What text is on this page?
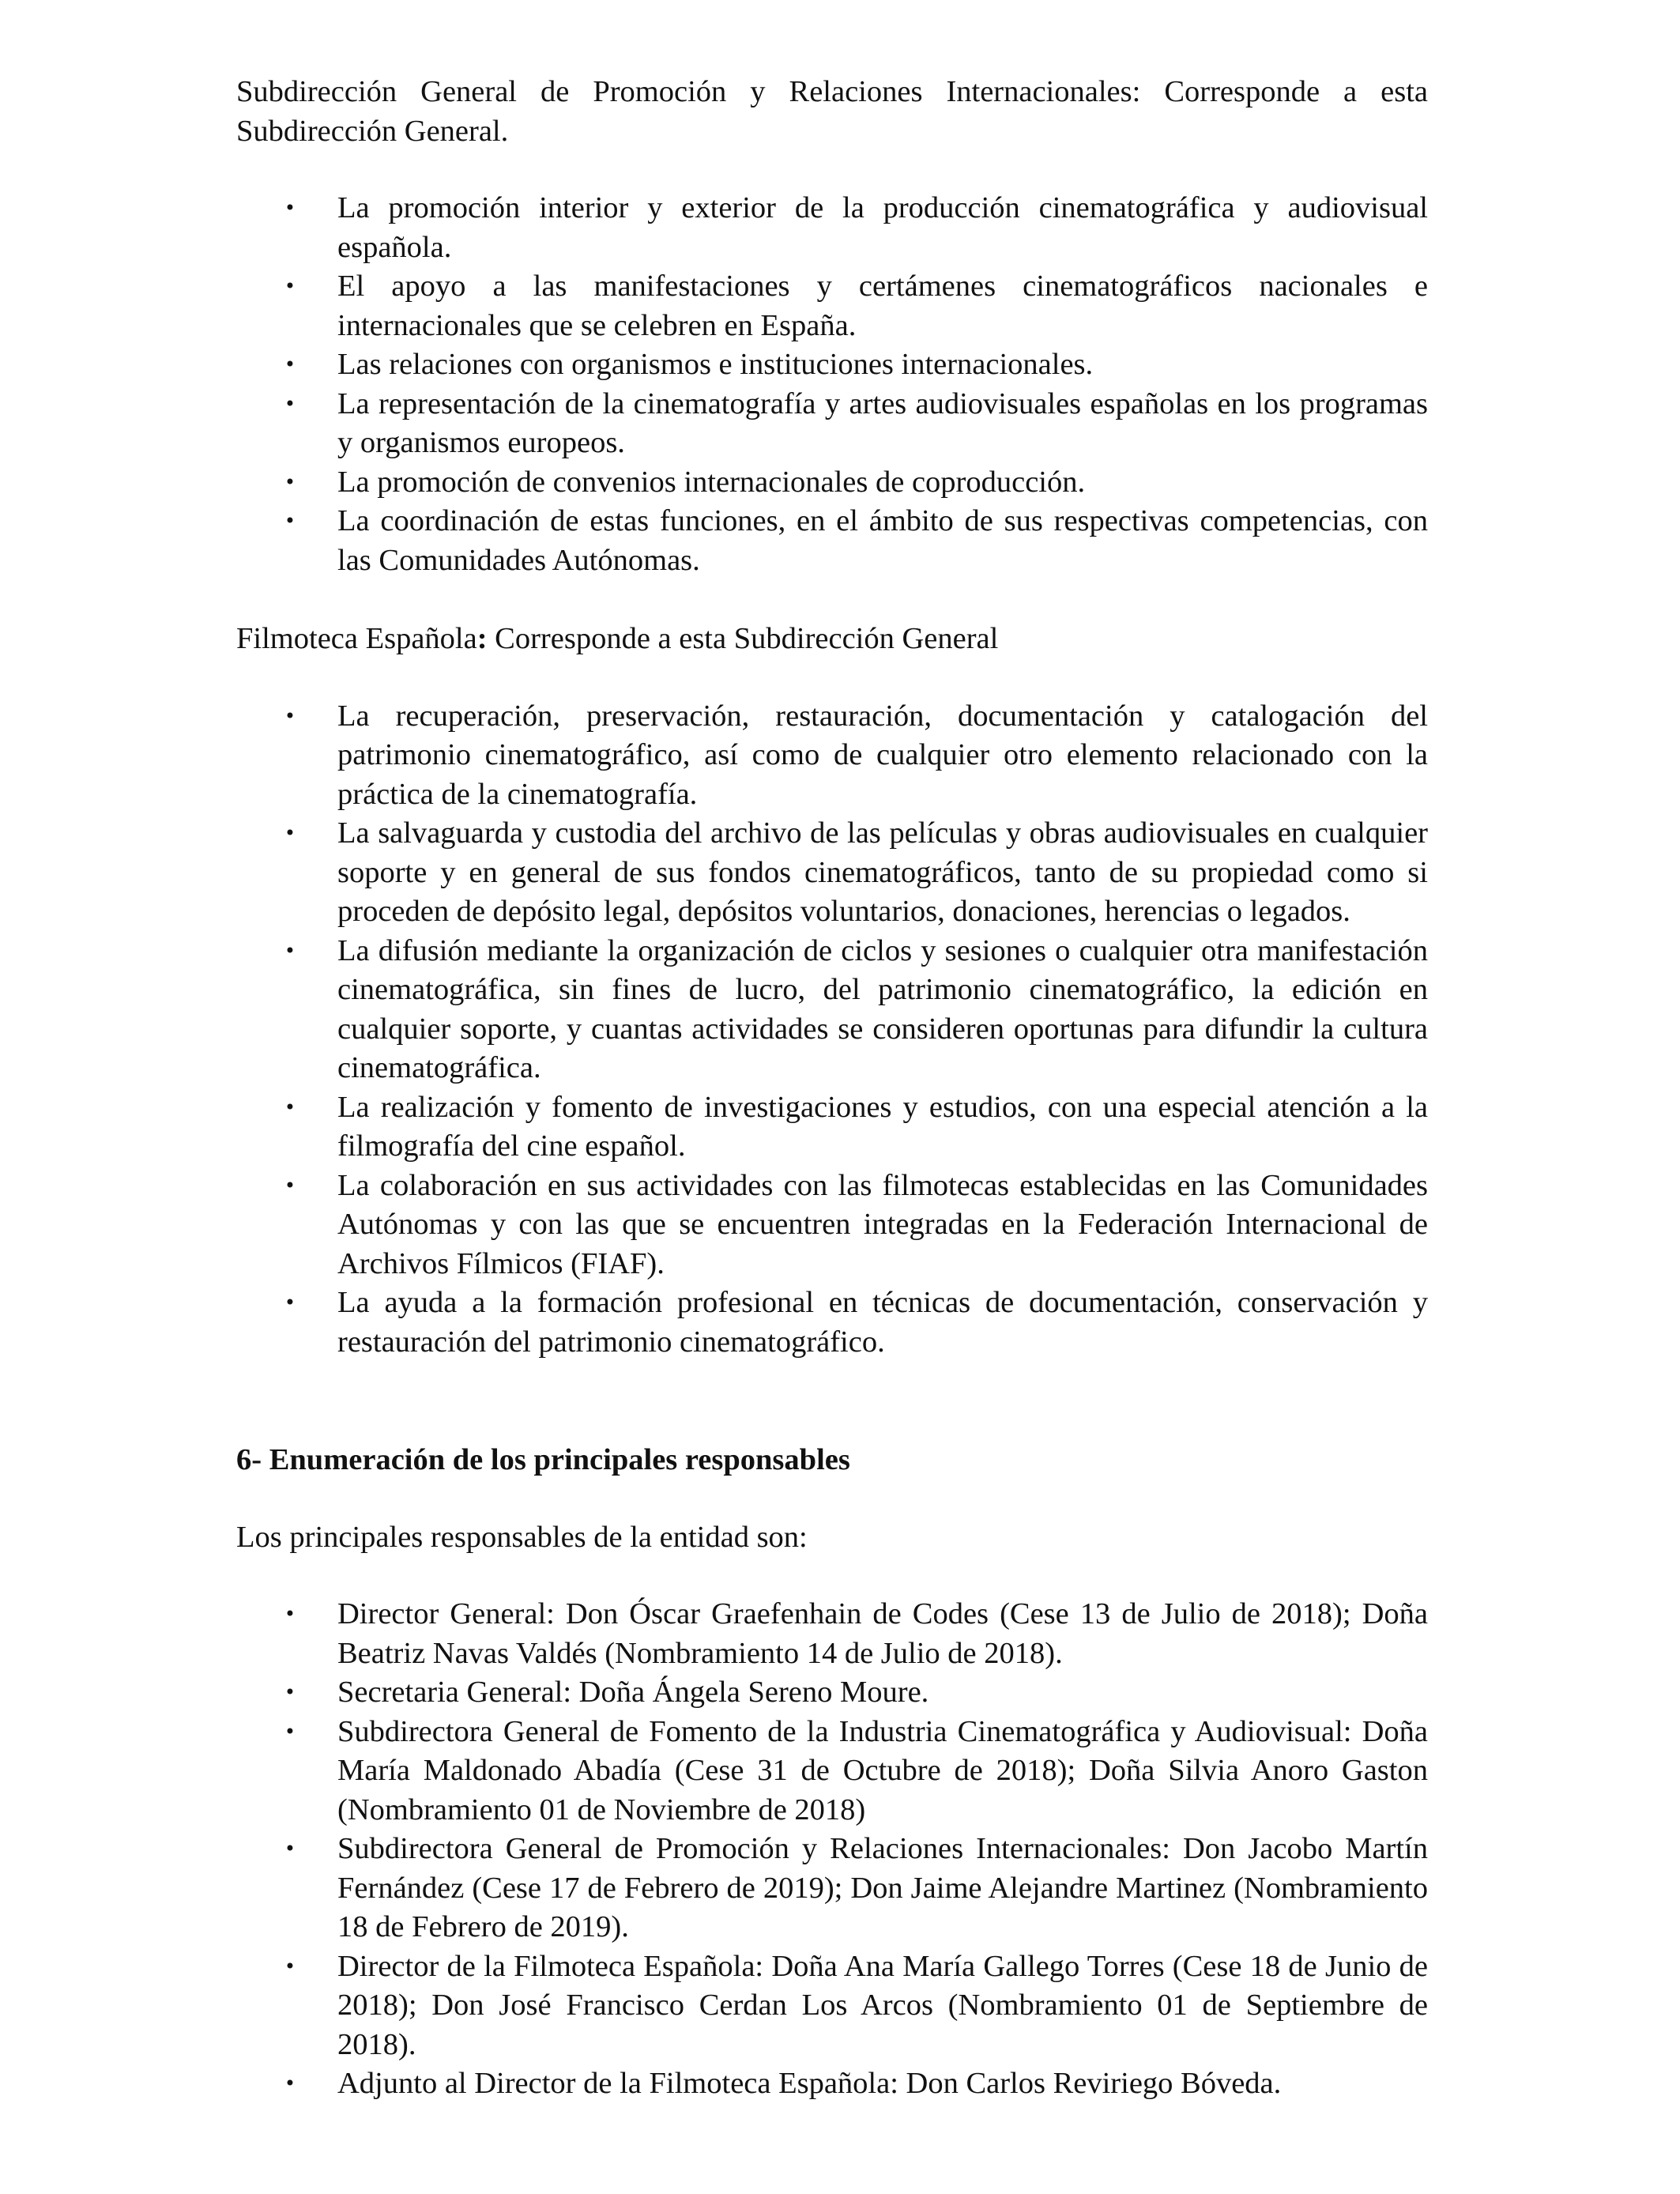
Subdirección General de Promoción y Relaciones Internacionales: Corresponde a esta Subdirección General.

• La promoción interior y exterior de la producción cinematográfica y audiovisual española.
• El apoyo a las manifestaciones y certámenes cinematográficos nacionales e internacionales que se celebren en España.
• Las relaciones con organismos e instituciones internacionales.
• La representación de la cinematografía y artes audiovisuales españolas en los programas y organismos europeos.
• La promoción de convenios internacionales de coproducción.
• La coordinación de estas funciones, en el ámbito de sus respectivas competencias, con las Comunidades Autónomas.

Filmoteca Española: Corresponde a esta Subdirección General

• La recuperación, preservación, restauración, documentación y catalogación del patrimonio cinematográfico, así como de cualquier otro elemento relacionado con la práctica de la cinematografía.
• La salvaguarda y custodia del archivo de las películas y obras audiovisuales en cualquier soporte y en general de sus fondos cinematográficos, tanto de su propiedad como si proceden de depósito legal, depósitos voluntarios, donaciones, herencias o legados.
• La difusión mediante la organización de ciclos y sesiones o cualquier otra manifestación cinematográfica, sin fines de lucro, del patrimonio cinematográfico, la edición en cualquier soporte, y cuantas actividades se consideren oportunas para difundir la cultura cinematográfica.
• La realización y fomento de investigaciones y estudios, con una especial atención a la filmografía del cine español.
• La colaboración en sus actividades con las filmotecas establecidas en las Comunidades Autónomas y con las que se encuentren integradas en la Federación Internacional de Archivos Fílmicos (FIAF).
• La ayuda a la formación profesional en técnicas de documentación, conservación y restauración del patrimonio cinematográfico.

6- Enumeración de los principales responsables

Los principales responsables de la entidad son:

• Director General: Don Óscar Graefenhain de Codes (Cese 13 de Julio de 2018); Doña Beatriz Navas Valdés (Nombramiento 14 de Julio de 2018).
• Secretaria General: Doña Ángela Sereno Moure.
• Subdirectora General de Fomento de la Industria Cinematográfica y Audiovisual: Doña María Maldonado Abadía (Cese 31 de Octubre de 2018); Doña Silvia Anoro Gaston (Nombramiento 01 de Noviembre de 2018)
• Subdirectora General de Promoción y Relaciones Internacionales: Don Jacobo Martín Fernández (Cese 17 de Febrero de 2019); Don Jaime Alejandre Martinez (Nombramiento 18 de Febrero de 2019).
• Director de la Filmoteca Española: Doña Ana María Gallego Torres (Cese 18 de Junio de 2018); Don José Francisco Cerdan Los Arcos (Nombramiento 01 de Septiembre de 2018).
• Adjunto al Director de la Filmoteca Española: Don Carlos Reviriego Bóveda.
